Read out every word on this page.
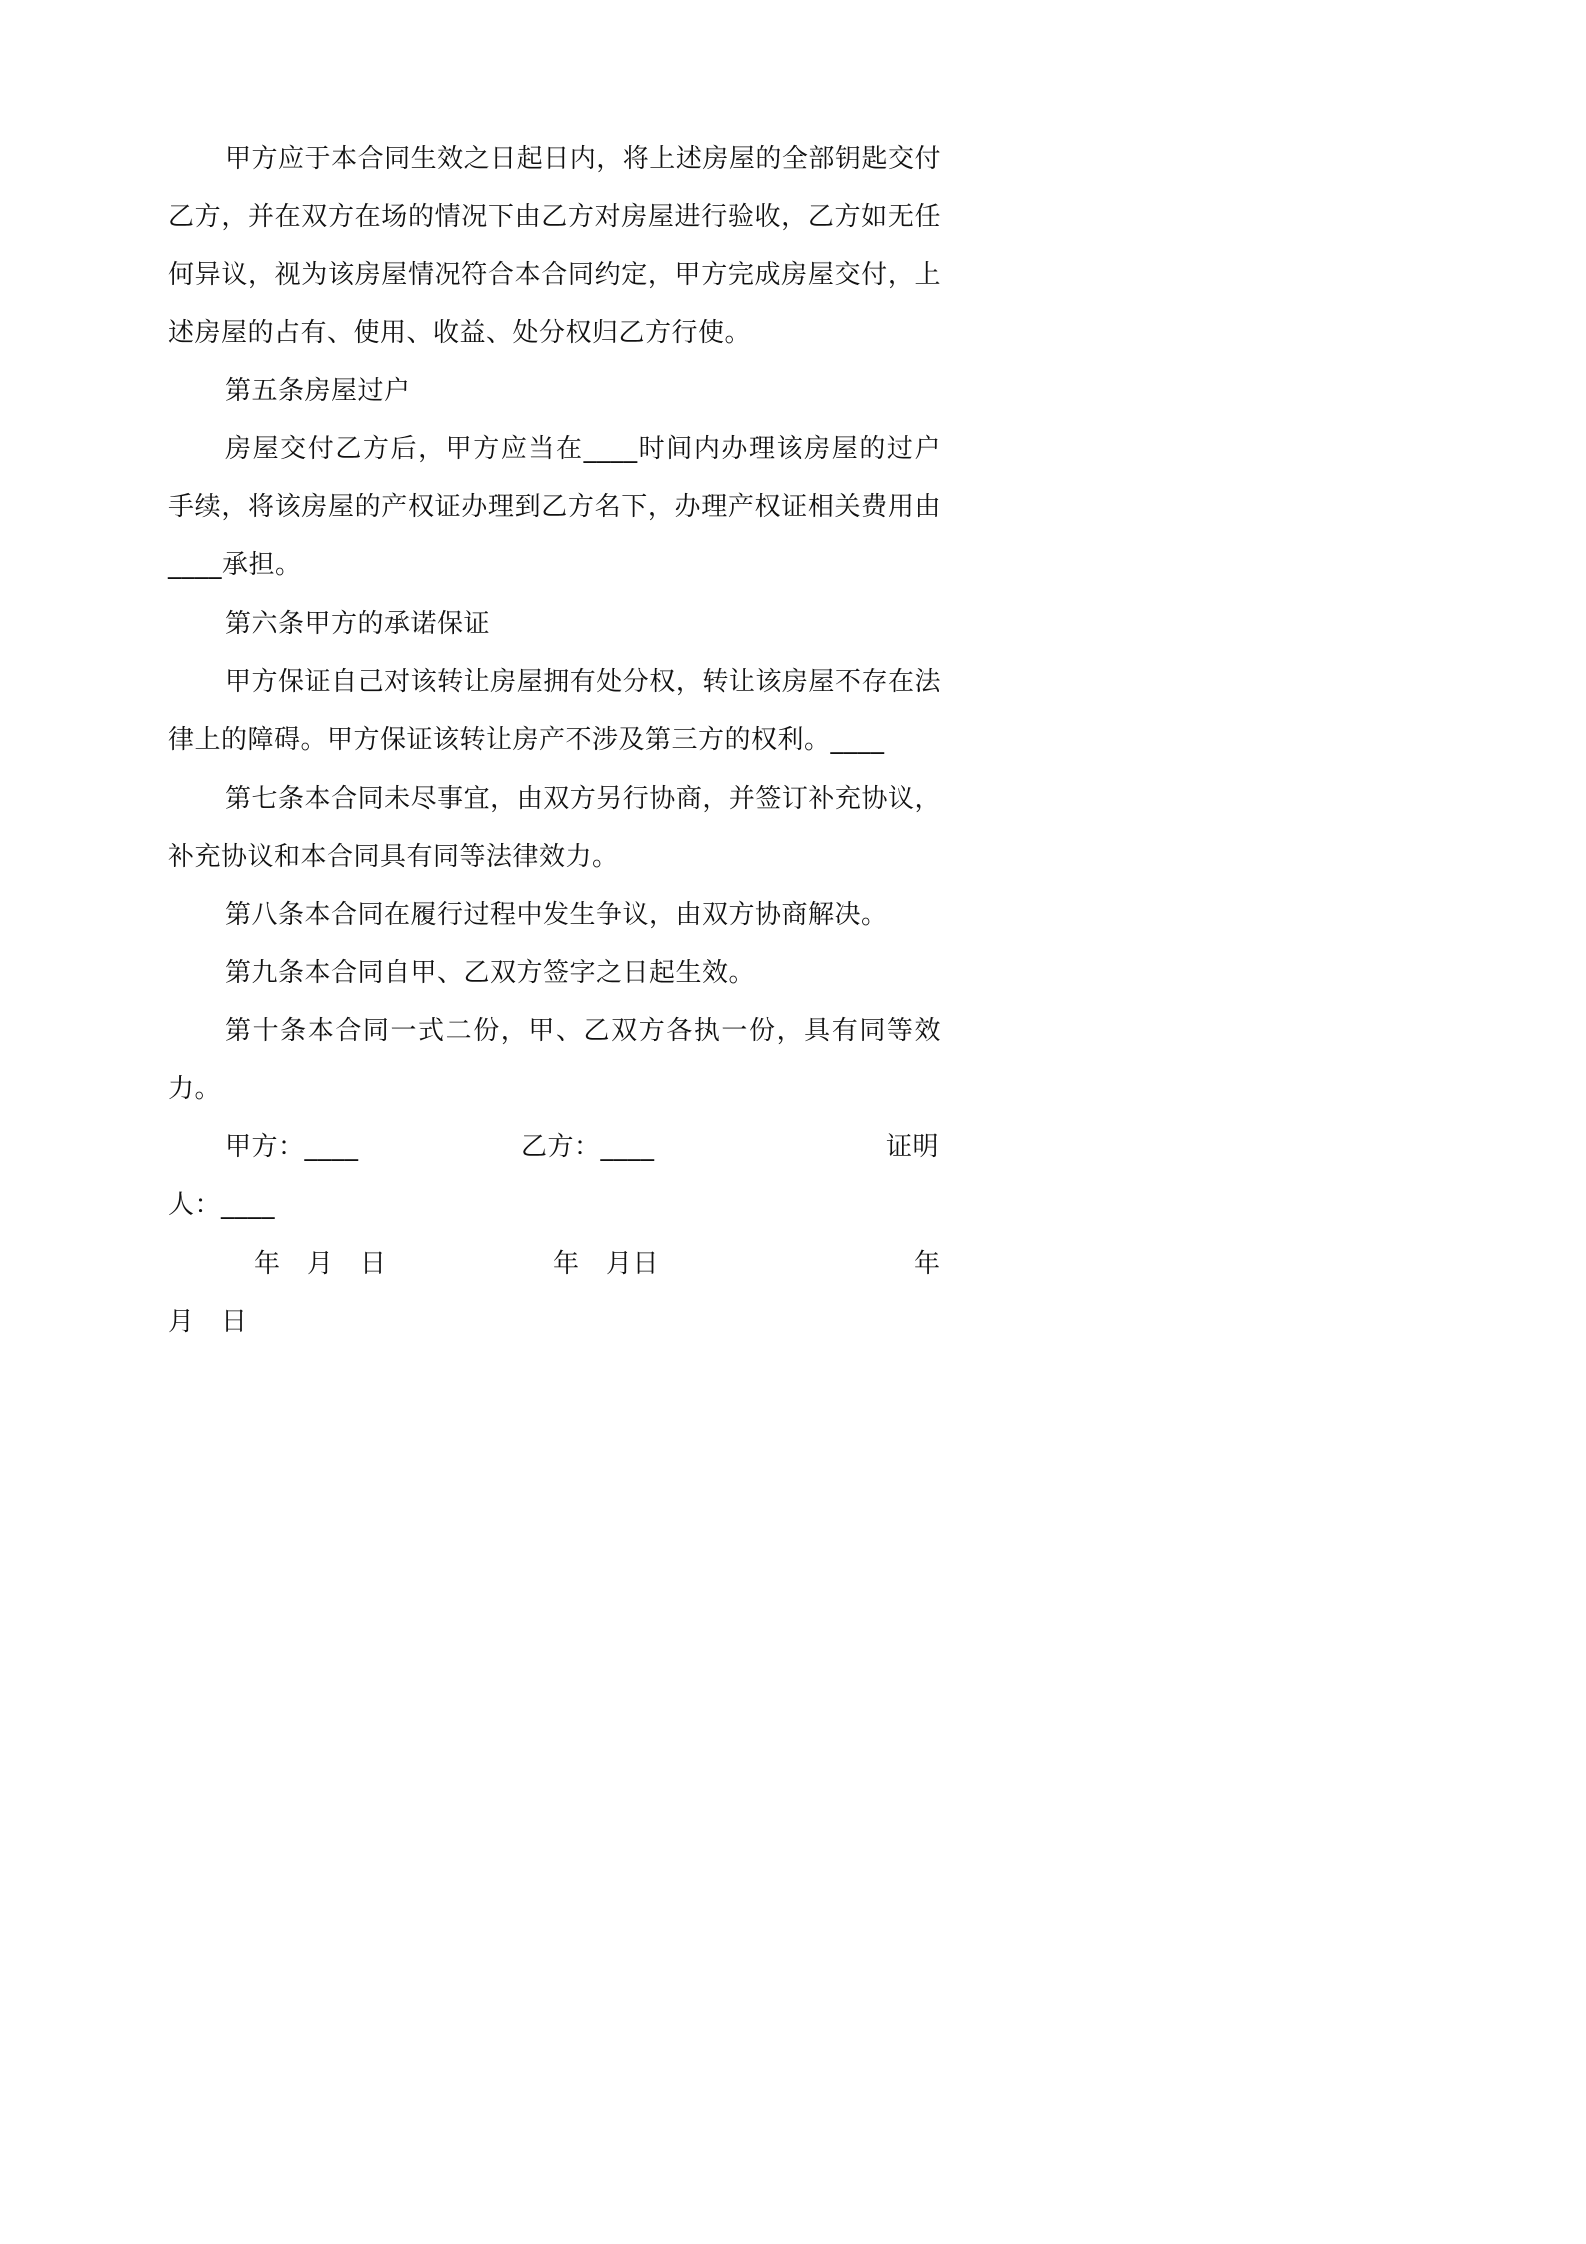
甲方应于本合同生效之日起日内，将上述房屋的全部钥匙交付乙方，并在双方在场的情况下由乙方对房屋进行验收，乙方如无任何异议，视为该房屋情况符合本合同约定，甲方完成房屋交付，上述房屋的占有、使用、收益、处分权归乙方行使。
第五条房屋过户
房屋交付乙方后，甲方应当在____时间内办理该房屋的过户手续，将该房屋的产权证办理到乙方名下，办理产权证相关费用由____承担。
第六条甲方的承诺保证
甲方保证自己对该转让房屋拥有处分权，转让该房屋不存在法律上的障碍。甲方保证该转让房产不涉及第三方的权利。____
第七条本合同未尽事宜，由双方另行协商，并签订补充协议，补充协议和本合同具有同等法律效力。
第八条本合同在履行过程中发生争议，由双方协商解决。
第九条本合同自甲、乙双方签字之日起生效。
第十条本合同一式二份，甲、乙双方各执一份，具有同等效力。
甲方：____	乙方：____	证明
人：____
年　月　日	年　月日	年
月　日
